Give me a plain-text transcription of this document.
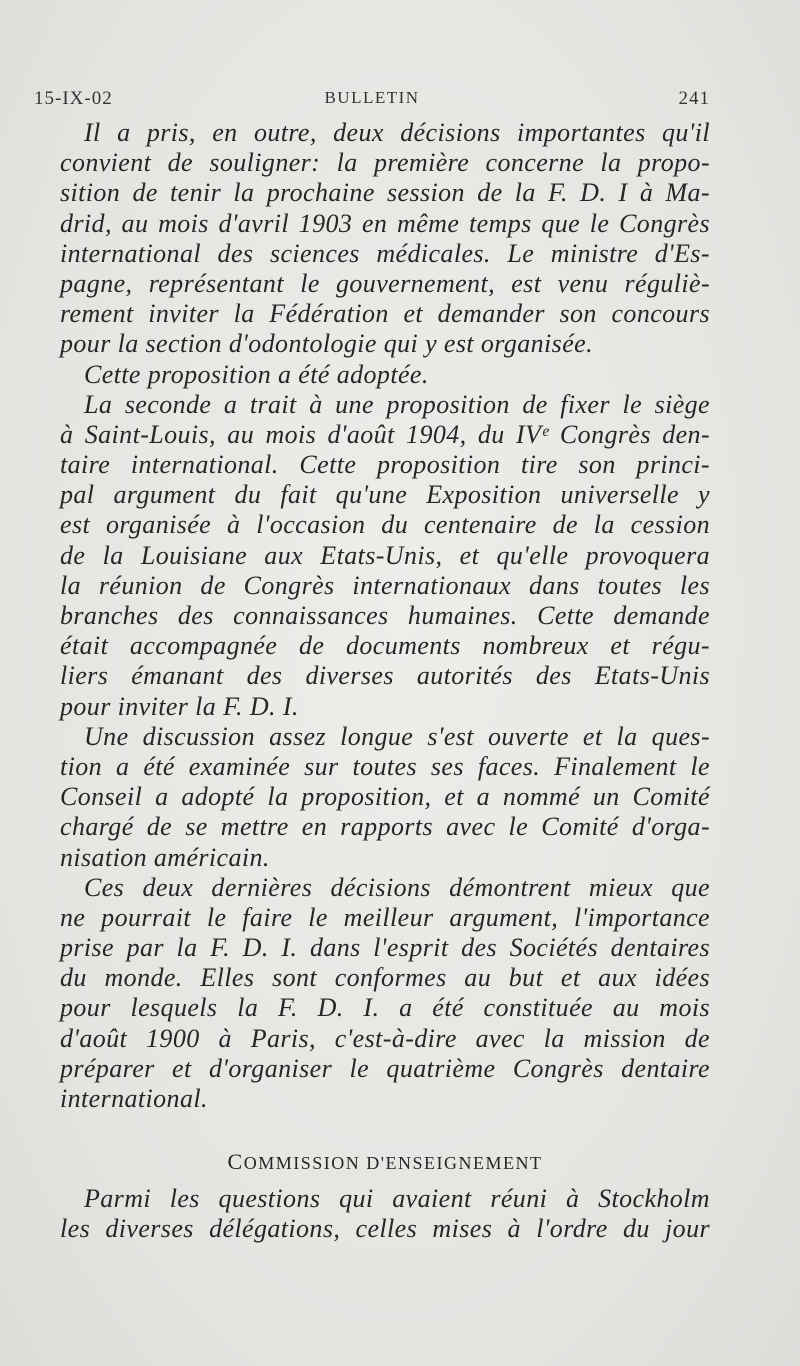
15-IX-02	BULLETIN	241
Il a pris, en outre, deux décisions importantes qu'il
convient de souligner: la première concerne la propo-
sition de tenir la prochaine session de la F. D. I à Ma-
drid, au mois d'avril 1903 en même temps que le Congrès
international des sciences médicales. Le ministre d'Es-
pagne, représentant le gouvernement, est venu réguliè-
rement inviter la Fédération et demander son concours
pour la section d'odontologie qui y est organisée.
Cette proposition a été adoptée.
La seconde a trait à une proposition de fixer le siège
à Saint-Louis, au mois d'août 1904, du IVᵉ Congrès den-
taire international. Cette proposition tire son princi-
pal argument du fait qu'une Exposition universelle y
est organisée à l'occasion du centenaire de la cession
de la Louisiane aux Etats-Unis, et qu'elle provoquera
la réunion de Congrès internationaux dans toutes les
branches des connaissances humaines. Cette demande
était accompagnée de documents nombreux et régu-
liers émanant des diverses autorités des Etats-Unis
pour inviter la F. D. I.
Une discussion assez longue s'est ouverte et la ques-
tion a été examinée sur toutes ses faces. Finalement le
Conseil a adopté la proposition, et a nommé un Comité
chargé de se mettre en rapports avec le Comité d'orga-
nisation américain.
Ces deux dernières décisions démontrent mieux que
ne pourrait le faire le meilleur argument, l'importance
prise par la F. D. I. dans l'esprit des Sociétés dentaires
du monde. Elles sont conformes au but et aux idées
pour lesquels la F. D. I. a été constituée au mois
d'août 1900 à Paris, c'est-à-dire avec la mission de
préparer et d'organiser le quatrième Congrès dentaire
international.
COMMISSION D'ENSEIGNEMENT
Parmi les questions qui avaient réuni à Stockholm
les diverses délégations, celles mises à l'ordre du jour
